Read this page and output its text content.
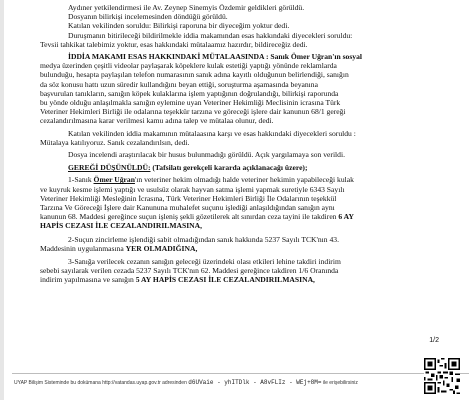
Aydıner yetkilendirmesi ile Av. Zeynep Sinemyis Özdemir geldikleri görüldü.
Dosyanın bilirkişi incelemesinden döndüğü görüldü.
Katılan vekilinden soruldu: Bilirkişi raporuna bir diyeceğim yoktur dedi.
Duruşmanın bitirileceği bildirilmekle iddia makamından esas hakkındaki diyecekleri soruldu:
Tevsii tahkikat talebimiz yoktur, esas hakkındaki mütalaamız hazırdır, bildireceğiz dedi.
İDDİA MAKAMI ESAS HAKKINDAKİ MÜTALAASINDA : Sanık Ömer Uğran'ın sosyal
medya üzerinden çeşitli videolar paylaşarak köpeklere kulak estetiği yaptığı yönünde reklamlarda
bulunduğu, hesapta paylaşılan telefon numarasının sanık adına kayıtlı olduğunun belirlendiği, sanığın
da söz konusu hattı uzun süredir kullandığını beyan ettiği, soruşturma aşamasında beyanına
başvurulan tanıkların, sanığın köpek kulaklarına işlem yaptığının doğrulandığı, bilirkişi raporunda
bu yönde olduğu anlaşılmakla sanığın eylemine uyan Veteriner Hekimliği Meclisinin icrasına Türk
Veteriner Hekimleri Birliği ile odalarına teşekkür tarzına ve göreceği işlere dair kanunun 68/1 gereği
cezalandırılmasına karar verilmesi kamu adına talep ve mütalaa olunur, dedi.
Katılan vekilinden iddia makamının mütalaasına karşı ve esas hakkındaki diyecekleri soruldu :
Mütalaya katılıyoruz. Sanık cezalandırılsın, dedi.
Dosya incelendi araştırılacak bir husus bulunmadığı görüldü. Açık yargılamaya son verildi.
GEREĞİ DÜŞÜNÜLDÜ: (Tafsilatı gerekçeli kararda açıklanacağı üzere);
1-Sanık Ömer Uğran'ın veteriner hekim olmadığı halde veteriner hekimin yapabileceği kulak
ve kuyruk kesme işlemi yaptığı ve usulsüz olarak hayvan satma işlemi yapmak suretiyle 6343 Sayılı
Veteriner Hekimliği Mesleğinin İcrasına, Türk Veteriner Hekimleri Birliği İle Odalarının teşekkül
Tarzına Ve Göreceği İşlere dair Kanununa muhalefet suçunu işlediği anlaşıldığından sanığın aynı
kanunun 68. Maddesi gereğince suçun işleniş şekli gözetilerek alt sınırdan ceza tayini ile takdiren 6 AY
HAPİS CEZASI İLE CEZALANDIRILMASINA,
2-Suçun zincirleme işlendiği sabit olmadığından sanık hakkında 5237 Sayılı TCK'nın 43.
Maddesinin uygulanmasına YER OLMADIĞINA,
3-Sanığa verilecek cezanın sanığın geleceği üzerindeki olası etkileri lehine takdiri indirim
sebebi sayılarak verilen cezada 5237 Sayılı TCK'nın 62. Maddesi gereğince takdiren 1/6 Oranında
indirim yapılmasına ve sanığın 5 AY HAPİS CEZASI İLE CEZALANDIRILMASINA,
1/2
UYAP Bilişim Sisteminde bu dokümana http://vatandas.uyap.gov.tr adresinden d6UVaie - yhITDlk - A8vFLIz - WEj+8M= ile erişebilirsiniz
